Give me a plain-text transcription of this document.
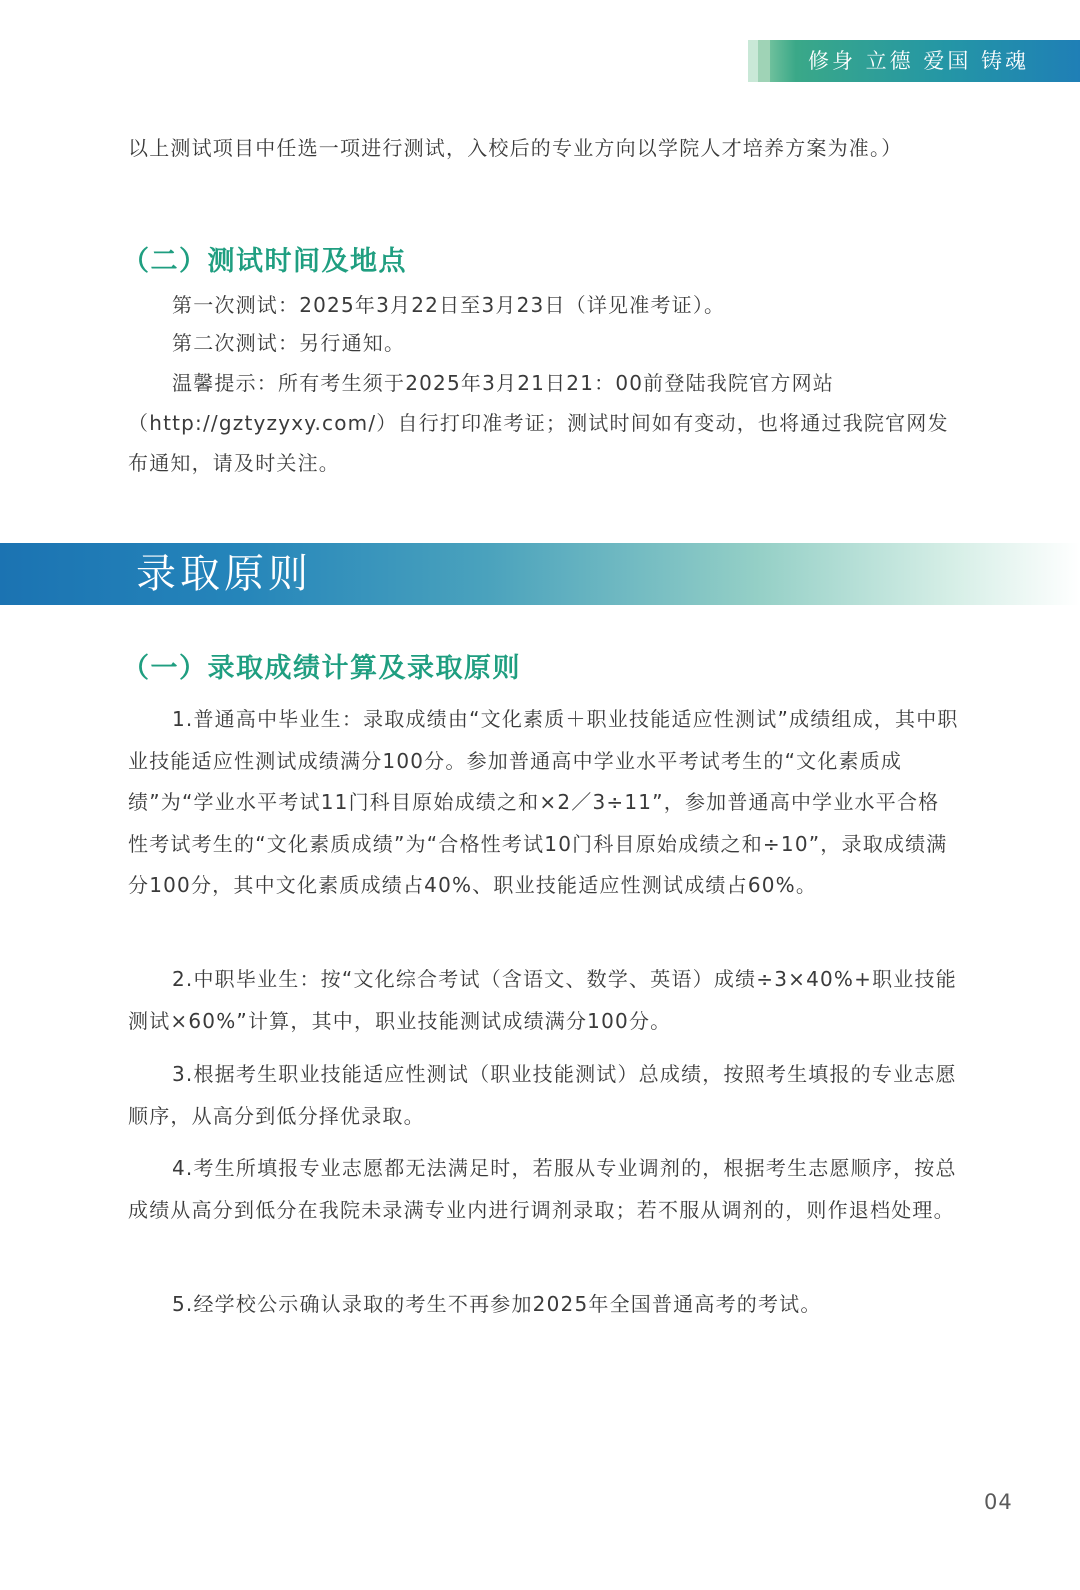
修身 立德 爱国 铸魂

以上测试项目中任选一项进行测试，入校后的专业方向以学院人才培养方案为准。）

（二）测试时间及地点

第一次测试：2025年3月22日至3月23日（详见准考证）。

第二次测试：另行通知。

温馨提示：所有考生须于2025年3月21日21：00前登陆我院官方网站（http://gztyzyxy.com/）自行打印准考证；测试时间如有变动，也将通过我院官网发布通知，请及时关注。

录取原则
（一）录取成绩计算及录取原则

1.普通高中毕业生：录取成绩由“文化素质＋职业技能适应性测试”成绩组成，其中职业技能适应性测试成绩满分100分。参加普通高中学业水平考试考生的“文化素质成绩”为“学业水平考试11门科目原始成绩之和×2／3÷11”，参加普通高中学业水平合格性考试考生的“文化素质成绩”为“合格性考试10门科目原始成绩之和÷10”，录取成绩满分100分，其中文化素质成绩占40%、职业技能适应性测试成绩占60%。

2.中职毕业生：按“文化综合考试（含语文、数学、英语）成绩÷3×40%+职业技能测试×60%”计算，其中，职业技能测试成绩满分100分。

3.根据考生职业技能适应性测试（职业技能测试）总成绩，按照考生填报的专业志愿顺序，从高分到低分择优录取。

4.考生所填报专业志愿都无法满足时，若服从专业调剂的，根据考生志愿顺序，按总成绩从高分到低分在我院未录满专业内进行调剂录取；若不服从调剂的，则作退档处理。

5.经学校公示确认录取的考生不再参加2025年全国普通高考的考试。

04
